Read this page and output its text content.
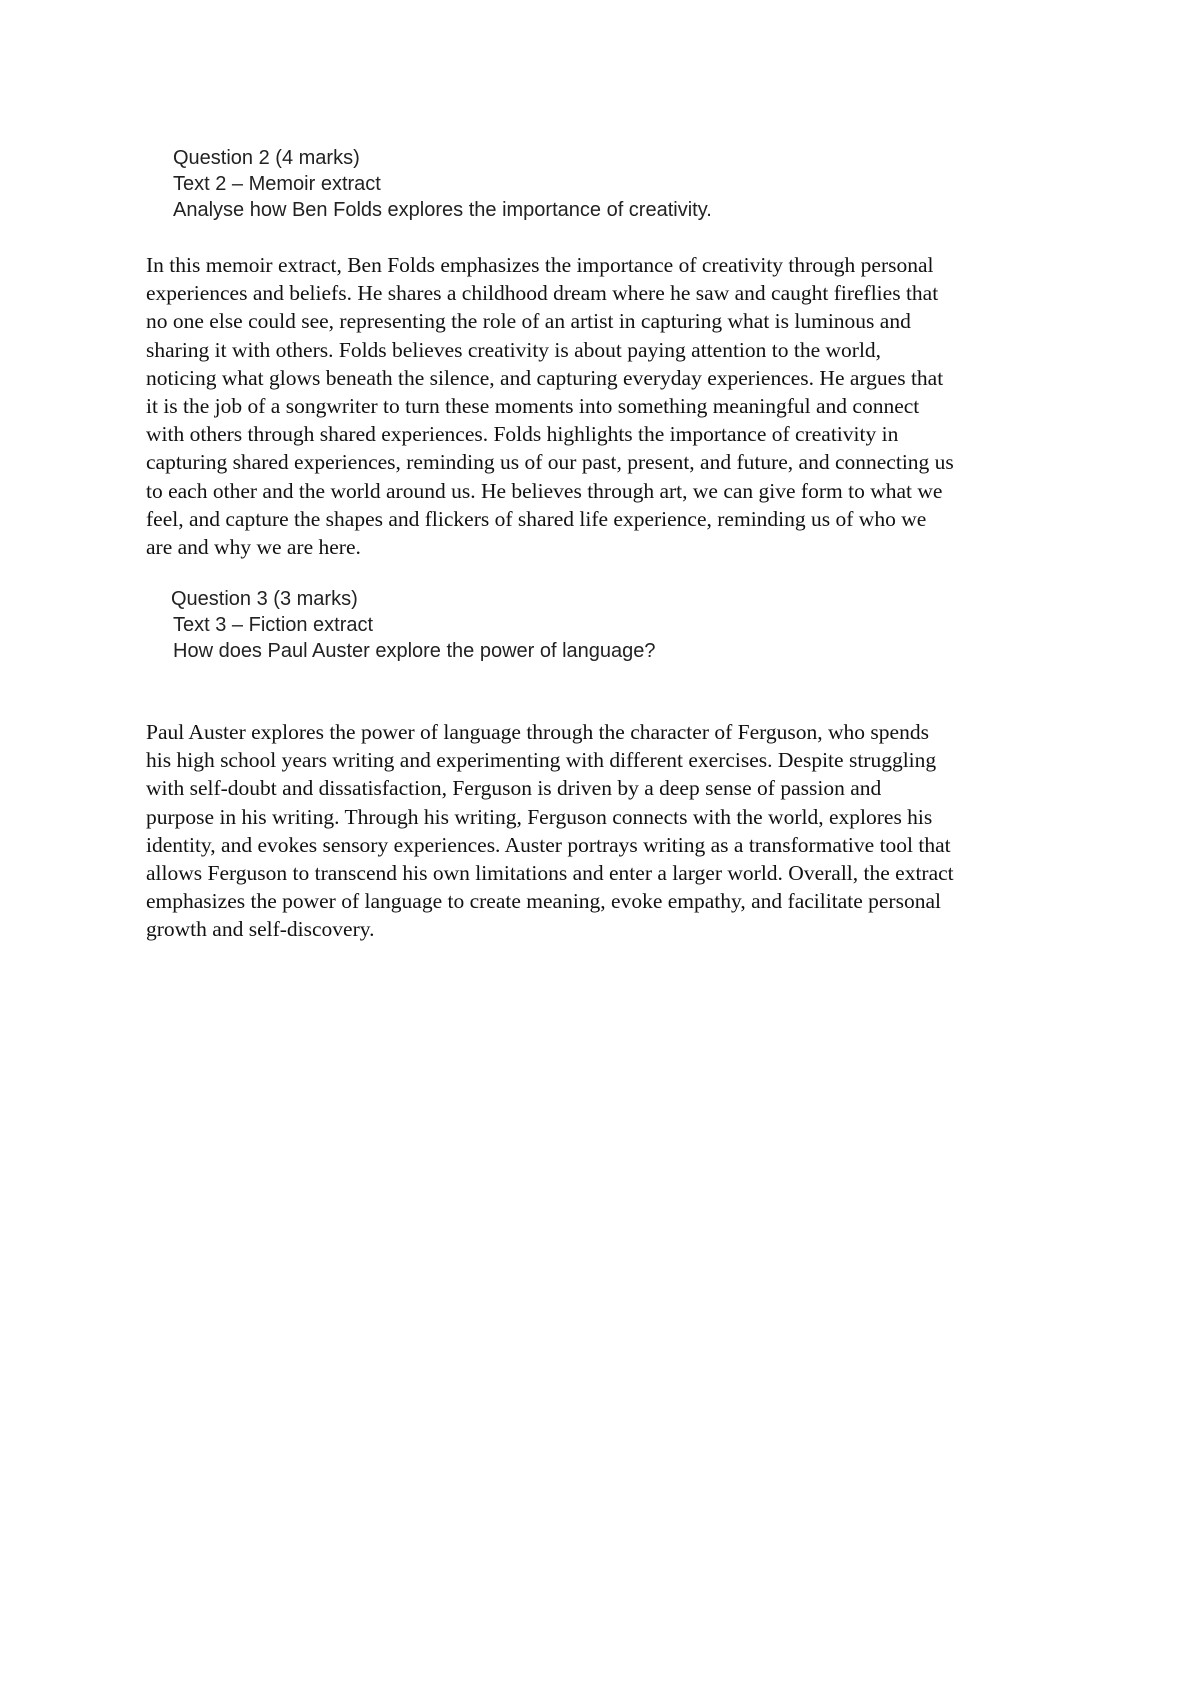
Question 2 (4 marks)
Text 2 – Memoir extract
Analyse how Ben Folds explores the importance of creativity.

In this memoir extract, Ben Folds emphasizes the importance of creativity through personal
experiences and beliefs. He shares a childhood dream where he saw and caught fireflies that
no one else could see, representing the role of an artist in capturing what is luminous and
sharing it with others. Folds believes creativity is about paying attention to the world,
noticing what glows beneath the silence, and capturing everyday experiences. He argues that
it is the job of a songwriter to turn these moments into something meaningful and connect
with others through shared experiences. Folds highlights the importance of creativity in
capturing shared experiences, reminding us of our past, present, and future, and connecting us
to each other and the world around us. He believes through art, we can give form to what we
feel, and capture the shapes and flickers of shared life experience, reminding us of who we
are and why we are here.

Question 3 (3 marks)
Text 3 – Fiction extract
How does Paul Auster explore the power of language?

Paul Auster explores the power of language through the character of Ferguson, who spends
his high school years writing and experimenting with different exercises. Despite struggling
with self-doubt and dissatisfaction, Ferguson is driven by a deep sense of passion and
purpose in his writing. Through his writing, Ferguson connects with the world, explores his
identity, and evokes sensory experiences. Auster portrays writing as a transformative tool that
allows Ferguson to transcend his own limitations and enter a larger world. Overall, the extract
emphasizes the power of language to create meaning, evoke empathy, and facilitate personal
growth and self-discovery.
